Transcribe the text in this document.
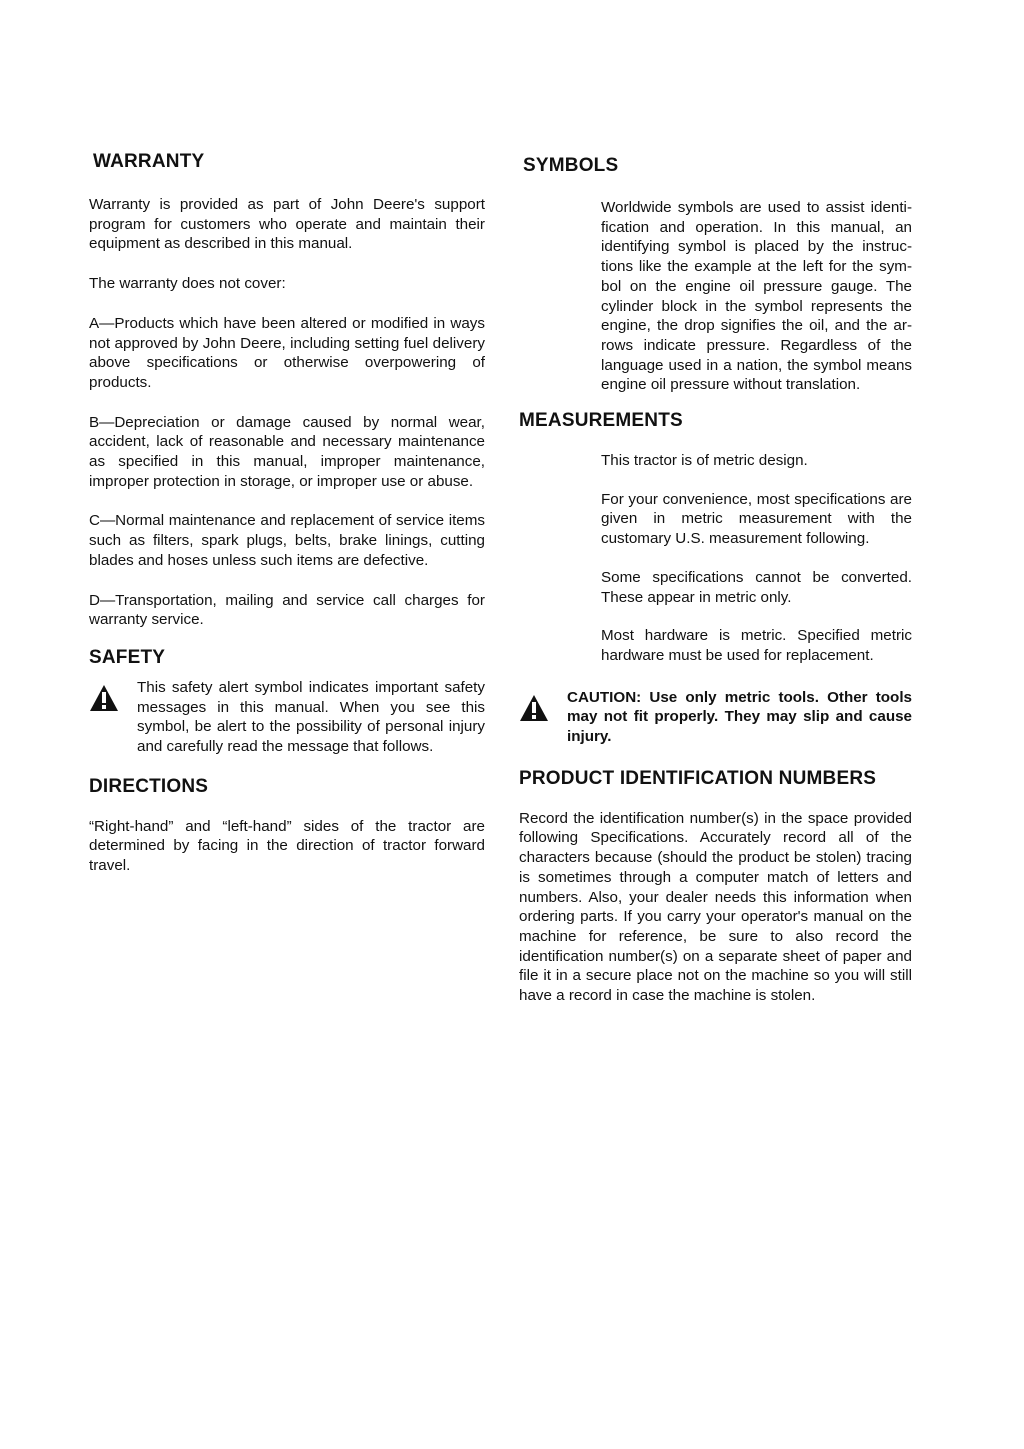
WARRANTY

Warranty is provided as part of John Deere's support program for customers who operate and maintain their equipment as described in this manual.

The warranty does not cover:

A—Products which have been altered or modified in ways not approved by John Deere, including setting fuel delivery above specifications or otherwise overpowering of products.

B—Depreciation or damage caused by normal wear, accident, lack of reasonable and necessary maintenance as specified in this manual, improper maintenance, improper protection in storage, or improper use or abuse.

C—Normal maintenance and replacement of service items such as filters, spark plugs, belts, brake linings, cutting blades and hoses unless such items are defective.

D—Transportation, mailing and service call charges for warranty service.

SAFETY

This safety alert symbol indicates important safety messages in this manual. When you see this symbol, be alert to the possibility of personal injury and carefully read the message that follows.

DIRECTIONS

“Right-hand” and “left-hand” sides of the tractor are determined by facing in the direction of tractor forward travel.

SYMBOLS

Worldwide symbols are used to assist identification and operation. In this manual, an identifying symbol is placed by the instructions like the example at the left for the symbol on the engine oil pressure gauge. The cylinder block in the symbol represents the engine, the drop signifies the oil, and the arrows indicate pressure. Regardless of the language used in a nation, the symbol means engine oil pressure without translation.

MEASUREMENTS

This tractor is of metric design.

For your convenience, most specifications are given in metric measurement with the customary U.S. measurement following.

Some specifications cannot be converted. These appear in metric only.

Most hardware is metric. Specified metric hardware must be used for replacement.

CAUTION: Use only metric tools. Other tools may not fit properly. They may slip and cause injury.

PRODUCT IDENTIFICATION NUMBERS

Record the identification number(s) in the space provided following Specifications. Accurately record all of the characters because (should the product be stolen) tracing is sometimes through a computer match of letters and numbers. Also, your dealer needs this information when ordering parts. If you carry your operator's manual on the machine for reference, be sure to also record the identification number(s) on a separate sheet of paper and file it in a secure place not on the machine so you will still have a record in case the machine is stolen.
